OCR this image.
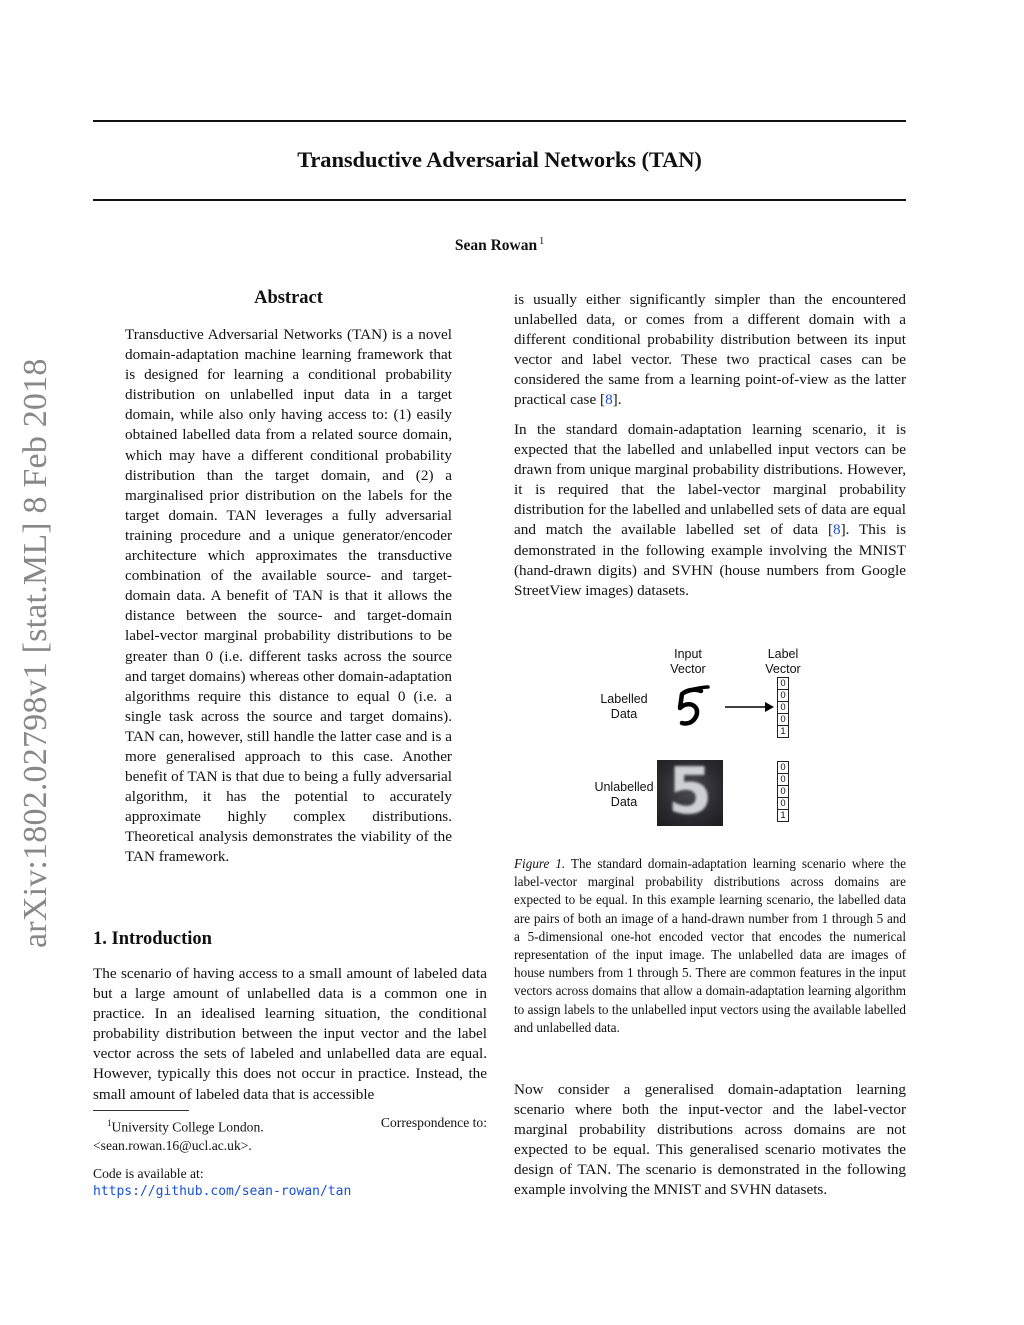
arXiv:1802.02798v1 [stat.ML] 8 Feb 2018
Transductive Adversarial Networks (TAN)
Sean Rowan $^1$
Abstract
Transductive Adversarial Networks (TAN) is a novel domain-adaptation machine learning framework that is designed for learning a conditional probability distribution on unlabelled input data in a target domain, while also only having access to: (1) easily obtained labelled data from a related source domain, which may have a different conditional probability distribution than the target domain, and (2) a marginalised prior distribution on the labels for the target domain. TAN leverages a fully adversarial training procedure and a unique generator/encoder architecture which approximates the transductive combination of the available source- and target-domain data. A benefit of TAN is that it allows the distance between the source- and target-domain label-vector marginal probability distributions to be greater than 0 (i.e. different tasks across the source and target domains) whereas other domain-adaptation algorithms require this distance to equal 0 (i.e. a single task across the source and target domains). TAN can, however, still handle the latter case and is a more generalised approach to this case. Another benefit of TAN is that due to being a fully adversarial algorithm, it has the potential to accurately approximate highly complex distributions. Theoretical analysis demonstrates the viability of the TAN framework.
1. Introduction
The scenario of having access to a small amount of labeled data but a large amount of unlabelled data is a common one in practice. In an idealised learning situation, the conditional probability distribution between the input vector and the label vector across the sets of labeled and unlabelled data are equal. However, typically this does not occur in practice. Instead, the small amount of labeled data that is accessible
$^1$University College London.	Correspondence to:
<sean.rowan.16@ucl.ac.uk>.
Code is available at:
https://github.com/sean-rowan/tan
is usually either significantly simpler than the encountered unlabelled data, or comes from a different domain with a different conditional probability distribution between its input vector and label vector. These two practical cases can be considered the same from a learning point-of-view as the latter practical case [8].
In the standard domain-adaptation learning scenario, it is expected that the labelled and unlabelled input vectors can be drawn from unique marginal probability distributions. However, it is required that the label-vector marginal probability distribution for the labelled and unlabelled sets of data are equal and match the available labelled set of data [8]. This is demonstrated in the following example involving the MNIST (hand-drawn digits) and SVHN (house numbers from Google StreetView images) datasets.
Input
Vector
Label
Vector
Labelled
Data
Unlabelled
Data
0
0
0
0
1
5	0
0
0
0
1
Figure 1. The standard domain-adaptation learning scenario where the label-vector marginal probability distributions across domains are expected to be equal. In this example learning scenario, the labelled data are pairs of both an image of a hand-drawn number from 1 through 5 and a 5-dimensional one-hot encoded vector that encodes the numerical representation of the input image. The unlabelled data are images of house numbers from 1 through 5. There are common features in the input vectors across domains that allow a domain-adaptation learning algorithm to assign labels to the unlabelled input vectors using the available labelled and unlabelled data.
Now consider a generalised domain-adaptation learning scenario where both the input-vector and the label-vector marginal probability distributions across domains are not expected to be equal. This generalised scenario motivates the design of TAN. The scenario is demonstrated in the following example involving the MNIST and SVHN datasets.
